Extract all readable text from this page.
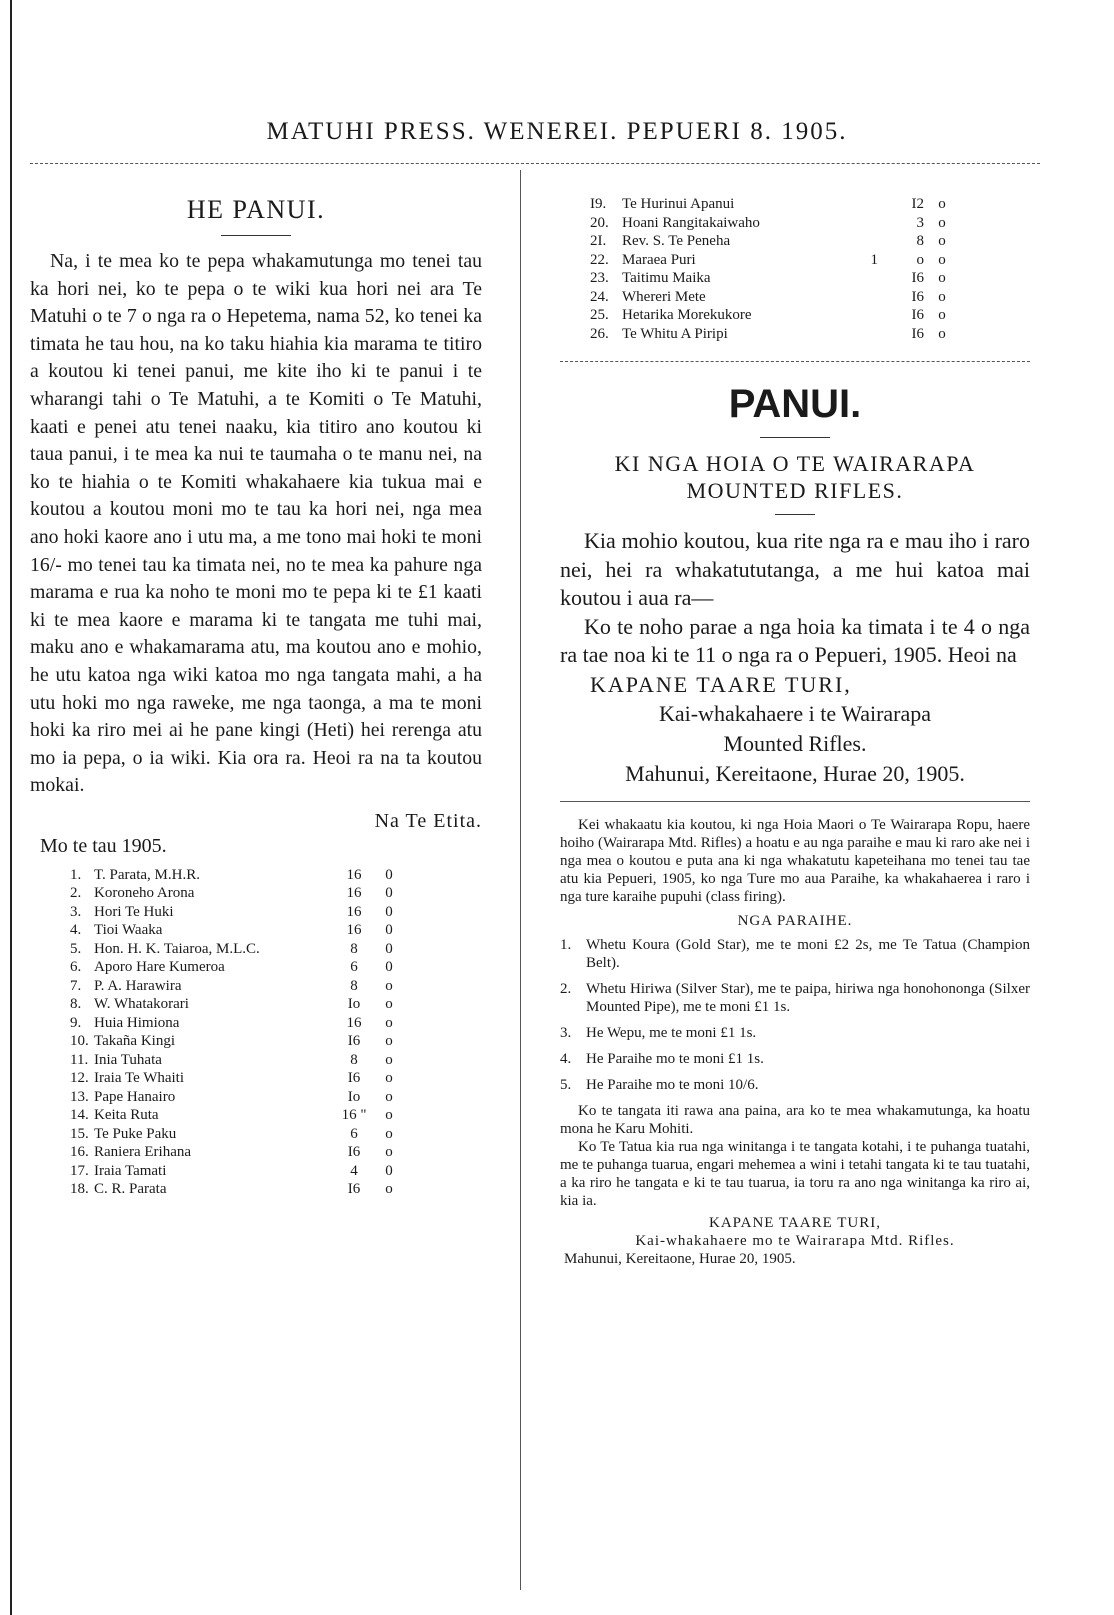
MATUHI PRESS. WENEREI. PEPUERI 8. 1905.
HE PANUI.

Na, i te mea ko te pepa whakamutunga mo tenei tau ka hori nei, ko te pepa o te wiki kua hori nei ara Te Matuhi o te 7 o nga ra o Hepetema, nama 52, ko tenei ka timata he tau hou, na ko taku hiahia kia marama te titiro a koutou ki tenei panui, me kite iho ki te panui i te wharangi tahi o Te Matuhi, a te Komiti o Te Matuhi, kaati e penei atu tenei naaku, kia titiro ano koutou ki taua panui, i te mea ka nui te taumaha o te manu nei, na ko te hiahia o te Komiti whakahaere kia tukua mai e koutou a koutou moni mo te tau ka hori nei, nga mea ano hoki kaore ano i utu ma, a me tono mai hoki te moni 16/- mo tenei tau ka timata nei, no te mea ka pahure nga marama e rua ka noho te moni mo te pepa ki te £1 kaati ki te mea kaore e marama ki te tangata me tuhi mai, maku ano e whakamarama atu, ma koutou ano e mohio, he utu katoa nga wiki katoa mo nga tangata mahi, a ha utu hoki mo nga raweke, me nga taonga, a ma te moni hoki ka riro mei ai he pane kingi (Heti) hei rerenga atu mo ia pepa, o ia wiki. Kia ora ra. Heoi ra na ta koutou mokai.

Na Te Etita.
Mo te tau 1905.
1.	T. Parata, M.H.R.	16	0
2.	Koroneho Arona	16	0
3.	Hori Te Huki	16	0
4.	Tioi Waaka	16	0
5.	Hon. H. K. Taiaroa, M.L.C.	8	0
6.	Aporo Hare Kumeroa	6	0
7.	P. A. Harawira	8	o
8.	W. Whatakorari	Io	o
9.	Huia Himiona	16	o
10.	Takaña Kingi	I6	o
11.	Inia Tuhata	8	o
12.	Iraia Te Whaiti	I6	o
13.	Pape Hanairo	Io	o
14.	Keita Ruta	16 "	o
15.	Te Puke Paku	6	o
16.	Raniera Erihana	I6	o
17.	Iraia Tamati	4	0
18.	C. R. Parata	I6	o
I9.	Te Hurinui Apanui		I2	o
20.	Hoani Rangitakaiwaho		3	o
2I.	Rev. S. Te Peneha		8	o
22.	Maraea Puri	1	o	o
23.	Taitimu Maika		I6	o
24.	Whereri Mete		I6	o
25.	Hetarika Morekukore		I6	o
26.	Te Whitu A Piripi		I6	o
PANUI.
KI NGA HOIA O TE WAIRARAPA MOUNTED RIFLES.

Kia mohio koutou, kua rite nga ra e mau iho i raro nei, hei ra whakatututanga, a me hui katoa mai koutou i aua ra—

Ko te noho parae a nga hoia ka timata i te 4 o nga ra tae noa ki te 11 o nga ra o Pepueri, 1905. Heoi na

KAPANE TAARE TURI,
Kai-whakahaere i te Wairarapa
Mounted Rifles.
Mahunui, Kereitaone, Hurae 20, 1905.

Kei whakaatu kia koutou, ki nga Hoia Maori o Te Wairarapa Ropu, haere hoiho (Wairarapa Mtd. Rifles) a hoatu e au nga paraihe e mau ki raro ake nei i nga mea o koutou e puta ana ki nga whakatutu kapeteihana mo tenei tau tae atu kia Pepueri, 1905, ko nga Ture mo aua Paraihe, ka whakahaerea i raro i nga ture karaihe pupuhi (class firing).

NGA PARAIHE.
1. Whetu Koura (Gold Star), me te moni £2 2s, me Te Tatua (Champion Belt).
2. Whetu Hiriwa (Silver Star), me te paipa, hiriwa nga honohononga (Silxer Mounted Pipe), me te moni £1 1s.
3. He Wepu, me te moni £1 1s.
4. He Paraihe mo te moni £1 1s.
5. He Paraihe mo te moni 10/6.

Ko te tangata iti rawa ana paina, ara ko te mea whakamutunga, ka hoatu mona he Karu Mohiti.

Ko Te Tatua kia rua nga winitanga i te tangata kotahi, i te puhanga tuatahi, me te puhanga tuarua, engari mehemea a wini i tetahi tangata ki te tau tuatahi, a ka riro he tangata e ki te tau tuarua, ia toru ra ano nga winitanga ka riro ai, kia ia.

KAPANE TAARE TURI,
Kai-whakahaere mo te Wairarapa Mtd. Rifles.
Mahunui, Kereitaone, Hurae 20, 1905.
